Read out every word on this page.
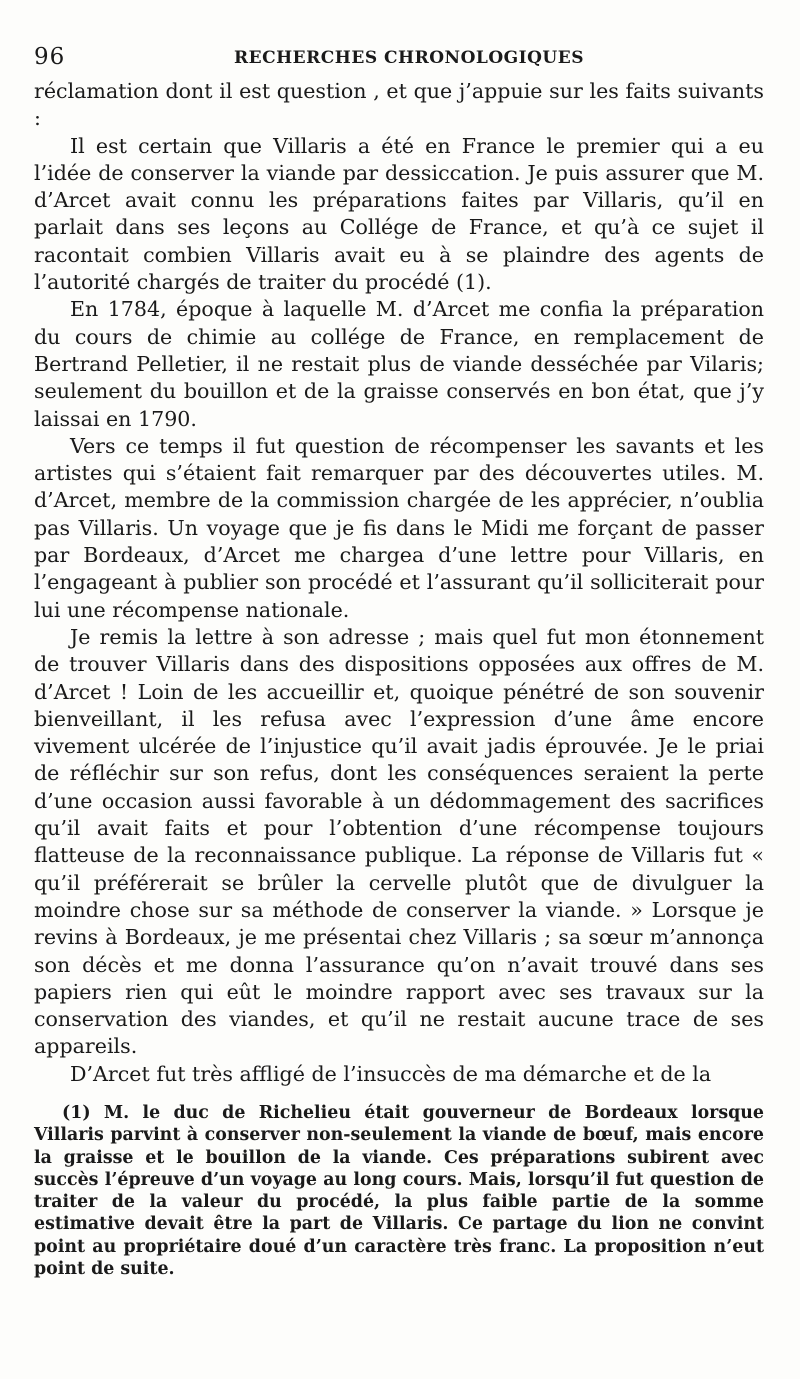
96	RECHERCHES CHRONOLOGIQUES

réclamation dont il est question , et que j’appuie sur les faits suivants :

Il est certain que Villaris a été en France le premier qui a eu l’idée de conserver la viande par dessiccation. Je puis assurer que M. d’Arcet avait connu les préparations faites par Villaris, qu’il en parlait dans ses leçons au Collége de France, et qu’à ce sujet il racontait combien Villaris avait eu à se plaindre des agents de l’autorité chargés de traiter du procédé (1).

En 1784, époque à laquelle M. d’Arcet me confia la préparation du cours de chimie au collége de France, en remplacement de Bertrand Pelletier, il ne restait plus de viande desséchée par Vilaris; seulement du bouillon et de la graisse conservés en bon état, que j’y laissai en 1790.

Vers ce temps il fut question de récompenser les savants et les artistes qui s’étaient fait remarquer par des découvertes utiles. M. d’Arcet, membre de la commission chargée de les apprécier, n’oublia pas Villaris. Un voyage que je fis dans le Midi me forçant de passer par Bordeaux, d’Arcet me chargea d’une lettre pour Villaris, en l’engageant à publier son procédé et l’assurant qu’il solliciterait pour lui une récompense nationale.

Je remis la lettre à son adresse ; mais quel fut mon étonnement de trouver Villaris dans des dispositions opposées aux offres de M. d’Arcet ! Loin de les accueillir et, quoique pénétré de son souvenir bienveillant, il les refusa avec l’expression d’une âme encore vivement ulcérée de l’injustice qu’il avait jadis éprouvée. Je le priai de réfléchir sur son refus, dont les conséquences seraient la perte d’une occasion aussi favorable à un dédommagement des sacrifices qu’il avait faits et pour l’obtention d’une récompense toujours flatteuse de la reconnaissance publique. La réponse de Villaris fut « qu’il préférerait se brûler la cervelle plutôt que de divulguer la moindre chose sur sa méthode de conserver la viande. » Lorsque je revins à Bordeaux, je me présentai chez Villaris ; sa sœur m’annonça son décès et me donna l’assurance qu’on n’avait trouvé dans ses papiers rien qui eût le moindre rapport avec ses travaux sur la conservation des viandes, et qu’il ne restait aucune trace de ses appareils.

D’Arcet fut très affligé de l’insuccès de ma démarche et de la

(1) M. le duc de Richelieu était gouverneur de Bordeaux lorsque Villaris parvint à conserver non-seulement la viande de bœuf, mais encore la graisse et le bouillon de la viande. Ces préparations subirent avec succès l’épreuve d’un voyage au long cours. Mais, lorsqu’il fut question de traiter de la valeur du procédé, la plus faible partie de la somme estimative devait être la part de Villaris. Ce partage du lion ne convint point au propriétaire doué d’un caractère très franc. La proposition n’eut point de suite.
